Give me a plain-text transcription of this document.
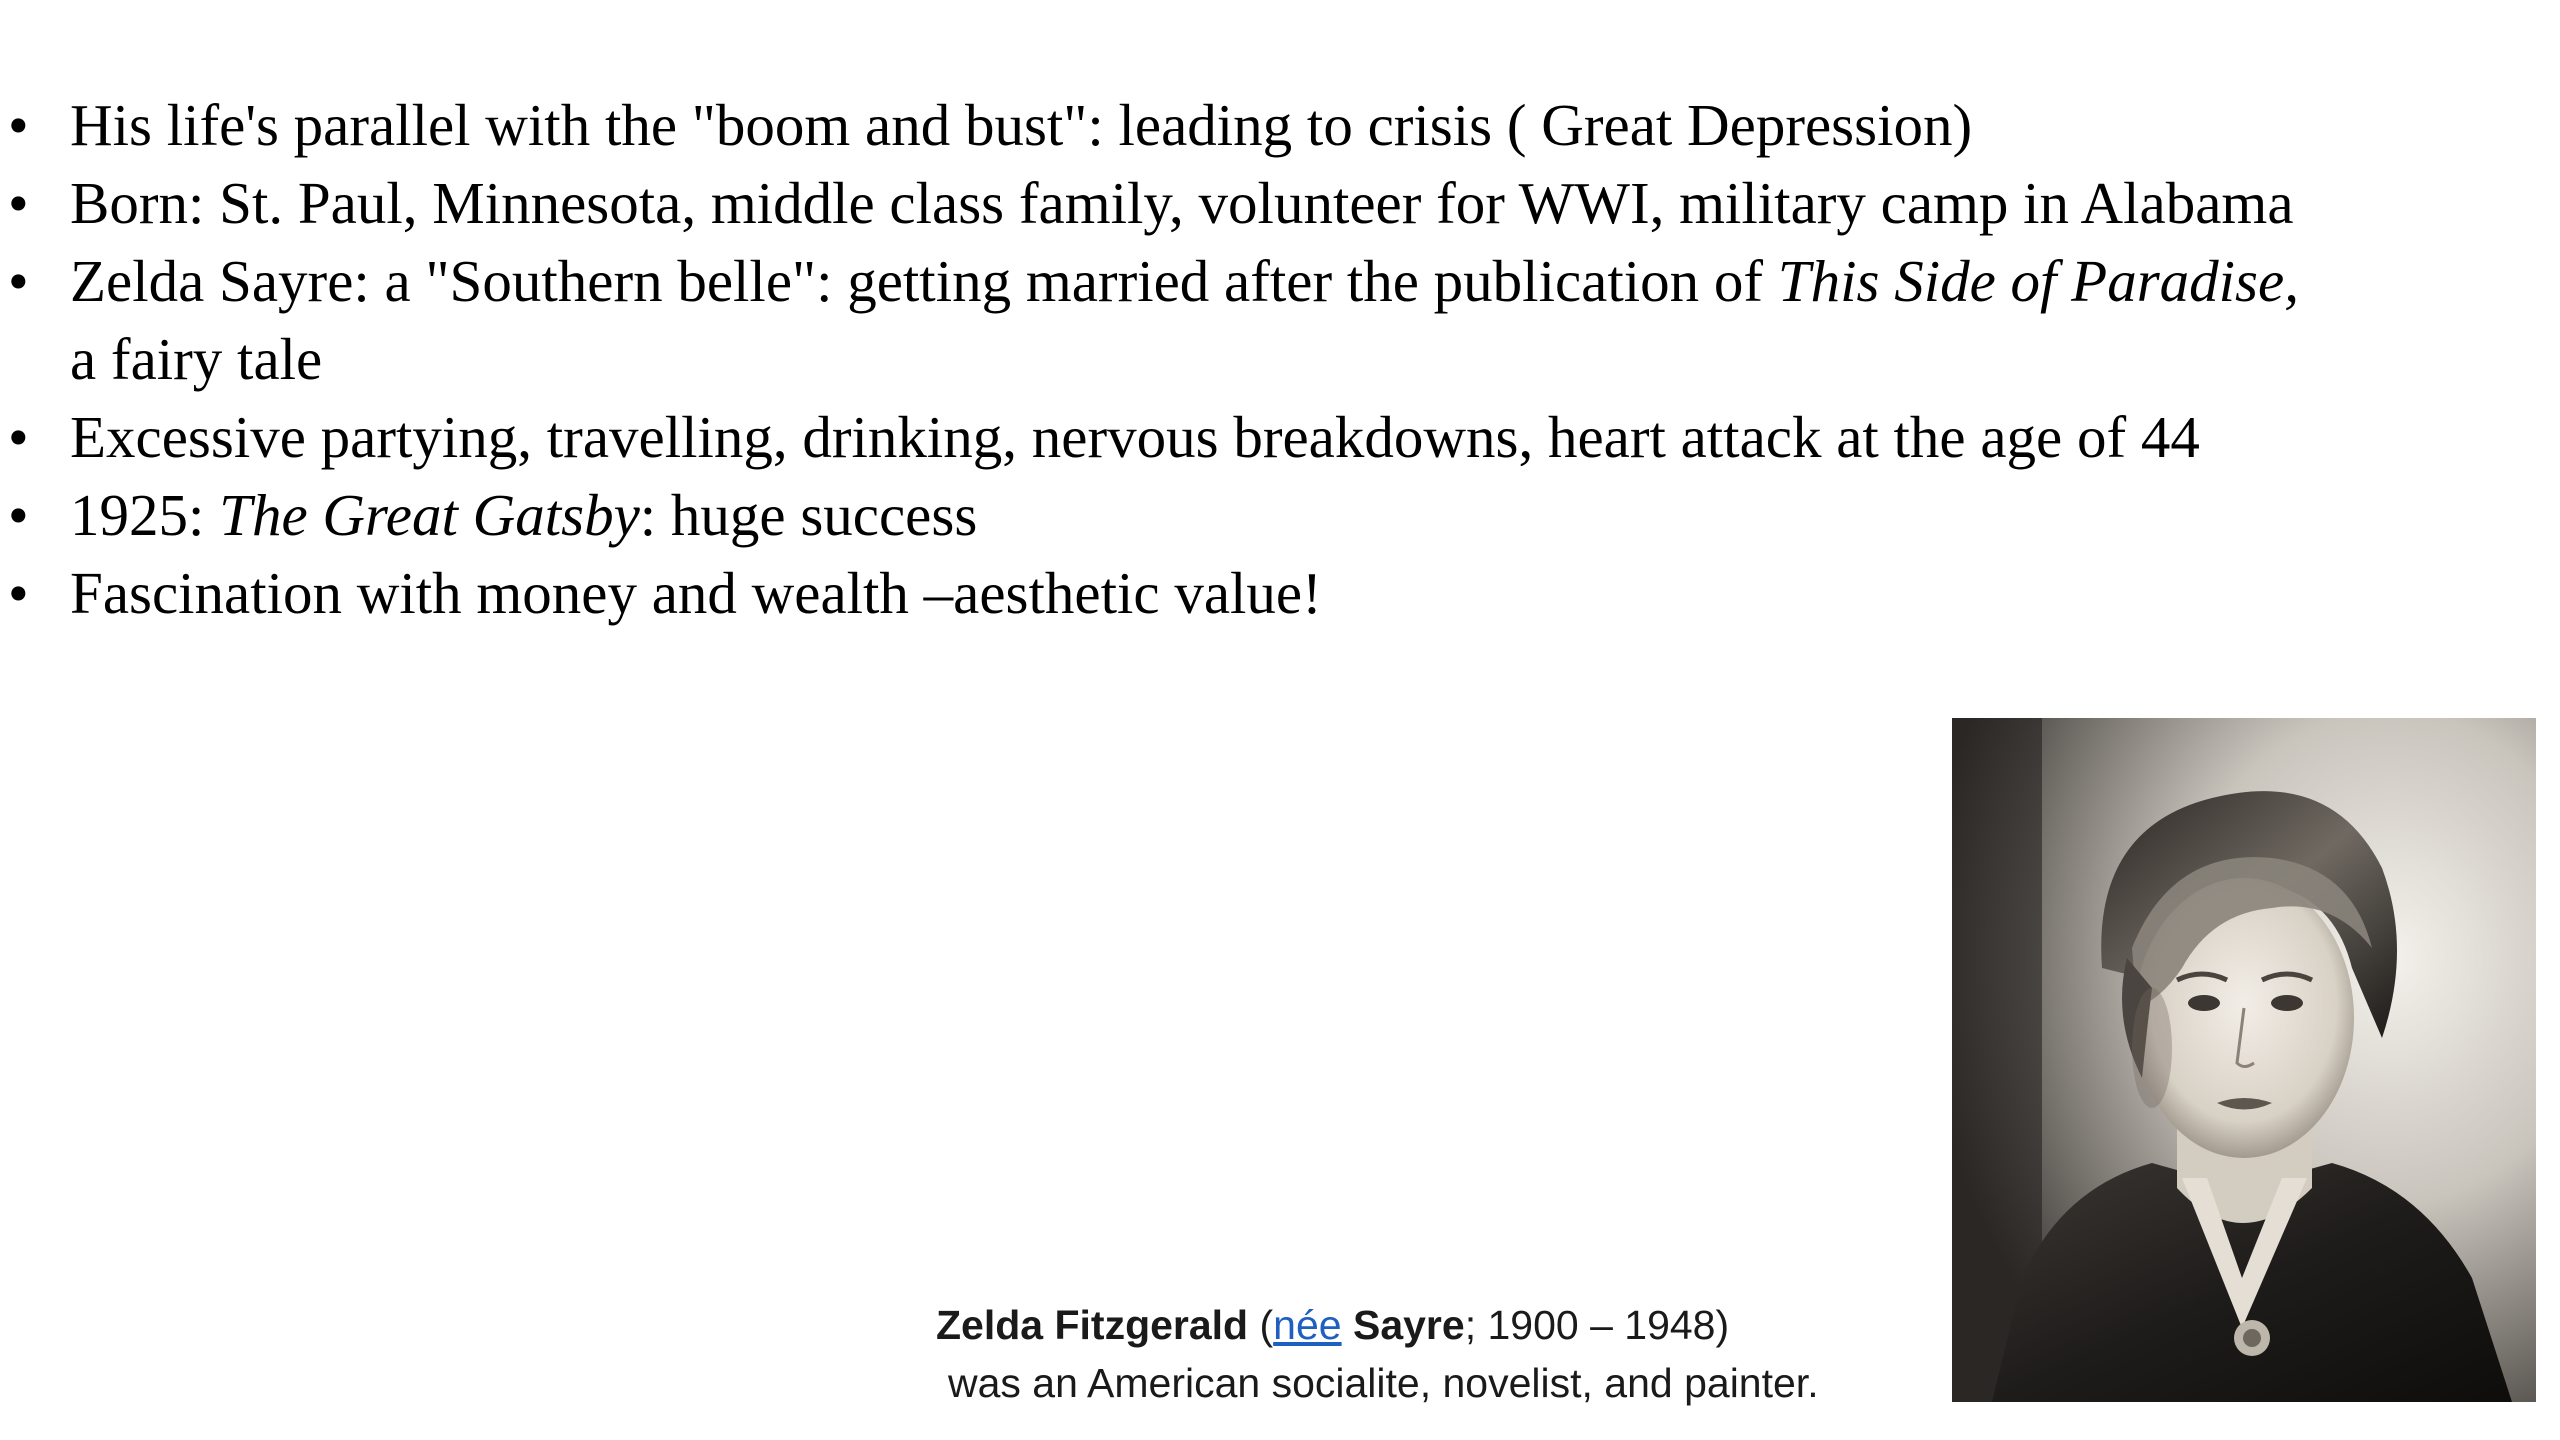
• His life's parallel with the "boom and bust": leading to crisis ( Great Depression)
• Born: St. Paul, Minnesota, middle class family, volunteer for WWI, military camp in Alabama
• Zelda Sayre: a "Southern belle": getting married after the publication of This Side of Paradise,
a fairy tale
• Excessive partying, travelling, drinking, nervous breakdowns, heart attack at the age of 44
• 1925: The Great Gatsby: huge success
• Fascination with money and wealth –aesthetic value!
Zelda Fitzgerald (née Sayre; 1900 – 1948)
was an American socialite, novelist, and painter.
